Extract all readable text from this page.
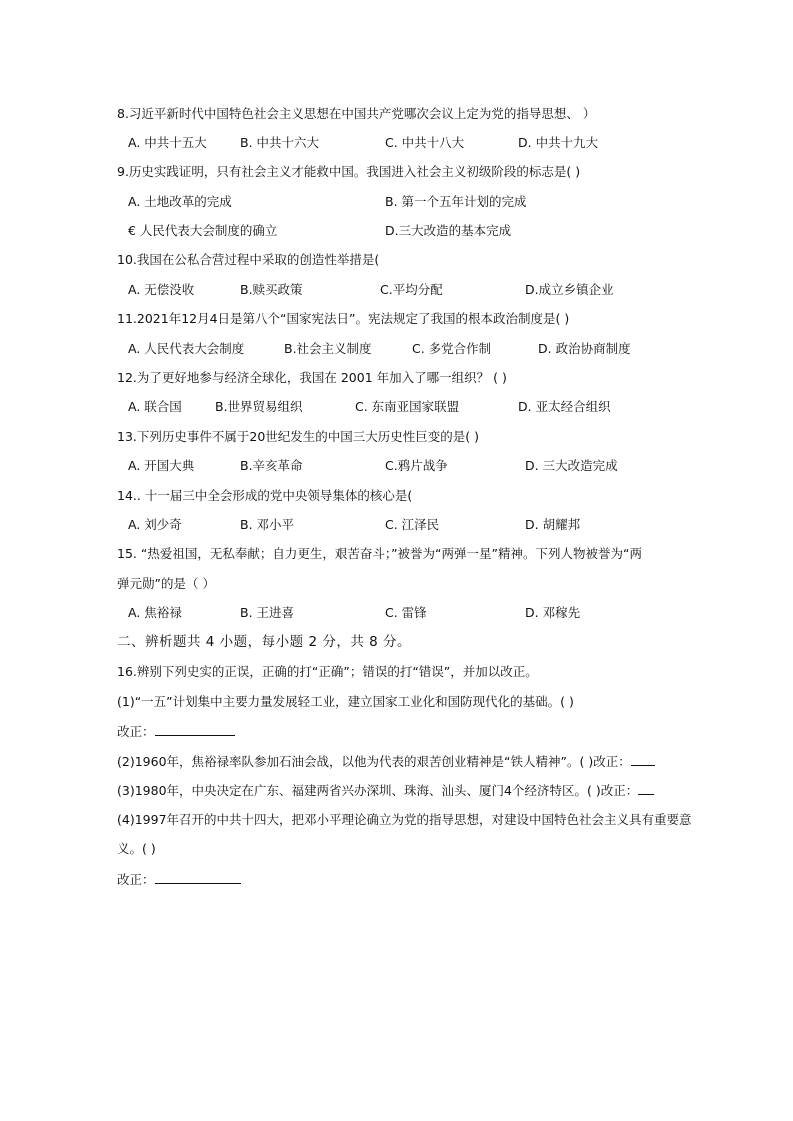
8.习近平新时代中国特色社会主义思想在中国共产党哪次会议上定为党的指导思想、 ）
A. 中共十五大	B. 中共十六大	C. 中共十八大	D. 中共十九大
9.历史实践证明，只有社会主义才能救中国。我国进入社会主义初级阶段的标志是( )
A. 土地改革的完成	B. 第一个五年计划的完成
€ 人民代表大会制度的确立	D.三大改造的基本完成
10.我国在公私合营过程中采取的创造性举措是(
A. 无偿没收	B.赎买政策	C.平均分配	D.成立乡镇企业
11.2021年12月4日是第八个“国家宪法日”。宪法规定了我国的根本政治制度是( )
A. 人民代表大会制度	B.社会主义制度	C. 多党合作制	D. 政治协商制度
12.为了更好地参与经济全球化，我国在 2001 年加入了哪一组织？ ( )
A. 联合国	B.世界贸易组织	C. 东南亚国家联盟	D. 亚太经合组织
13.下列历史事件不属于20世纪发生的中国三大历史性巨变的是( )
A. 开国大典	B.辛亥革命	C.鸦片战争	D. 三大改造完成
14.. 十一届三中全会形成的党中央领导集体的核心是(
A. 刘少奇	B. 邓小平	C. 江泽民	D. 胡耀邦
15. “热爱祖国，无私奉献；自力更生，艰苦奋斗；”被誉为“两弹一星”精神。下列人物被誉为“两
弹元勋”的是（ ）
A. 焦裕禄	B. 王进喜	C. 雷锋	D. 邓稼先
二、辨析题共 4 小题，每小题 2 分，共 8 分。
16.辨别下列史实的正误，正确的打“正确”；错误的打“错误”，并加以改正。
(1)“一五”计划集中主要力量发展轻工业，建立国家工业化和国防现代化的基础。( )
改正：
(2)1960年，焦裕禄率队参加石油会战，以他为代表的艰苦创业精神是“铁人精神”。( )改正：
(3)1980年，中央决定在广东、福建两省兴办深圳、珠海、汕头、厦门4个经济特区。( )改正：
(4)1997年召开的中共十四大，把邓小平理论确立为党的指导思想，对建设中国特色社会主义具有重要意
义。( )
改正：
